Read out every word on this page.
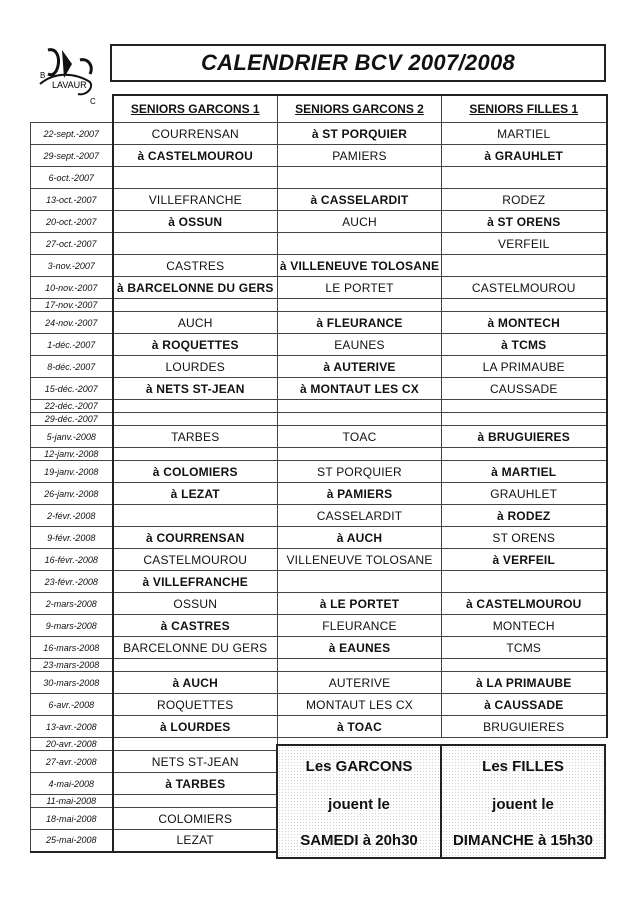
B
LAVAUR
C
CALENDRIER BCV 2007/2008
	SENIORS GARCONS 1	SENIORS GARCONS 2	SENIORS FILLES 1
22-sept.-2007	COURRENSAN	à ST PORQUIER	MARTIEL
29-sept.-2007	à CASTELMOUROU	PAMIERS	à GRAUHLET
6-oct.-2007			
13-oct.-2007	VILLEFRANCHE	à CASSELARDIT	RODEZ
20-oct.-2007	à OSSUN	AUCH	à ST ORENS
27-oct.-2007			VERFEIL
3-nov.-2007	CASTRES	à VILLENEUVE TOLOSANE	
10-nov.-2007	à BARCELONNE DU GERS	LE PORTET	CASTELMOUROU
17-nov.-2007			
24-nov.-2007	AUCH	à FLEURANCE	à MONTECH
1-déc.-2007	à ROQUETTES	EAUNES	à TCMS
8-déc.-2007	LOURDES	à AUTERIVE	LA PRIMAUBE
15-déc.-2007	à NETS ST-JEAN	à MONTAUT LES CX	CAUSSADE
22-déc.-2007			
29-déc.-2007			
5-janv.-2008	TARBES	TOAC	à BRUGUIERES
12-janv.-2008			
19-janv.-2008	à COLOMIERS	ST PORQUIER	à MARTIEL
26-janv.-2008	à LEZAT	à PAMIERS	GRAUHLET
2-févr.-2008		CASSELARDIT	à RODEZ
9-févr.-2008	à COURRENSAN	à AUCH	ST ORENS
16-févr.-2008	CASTELMOUROU	VILLENEUVE TOLOSANE	à VERFEIL
23-févr.-2008	à VILLEFRANCHE		
2-mars-2008	OSSUN	à LE PORTET	à CASTELMOUROU
9-mars-2008	à CASTRES	FLEURANCE	MONTECH
16-mars-2008	BARCELONNE DU GERS	à EAUNES	TCMS
23-mars-2008			
30-mars-2008	à AUCH	AUTERIVE	à LA PRIMAUBE
6-avr.-2008	ROQUETTES	MONTAUT LES CX	à CAUSSADE
13-avr.-2008	à LOURDES	à TOAC	BRUGUIERES
20-avr.-2008			
27-avr.-2008	NETS ST-JEAN		
4-mai-2008	à TARBES		
11-mai-2008			
18-mai-2008	COLOMIERS		
25-mai-2008	LEZAT		
Les GARCONS
jouent le
SAMEDI à 20h30
Les FILLES
jouent le
DIMANCHE à 15h30
